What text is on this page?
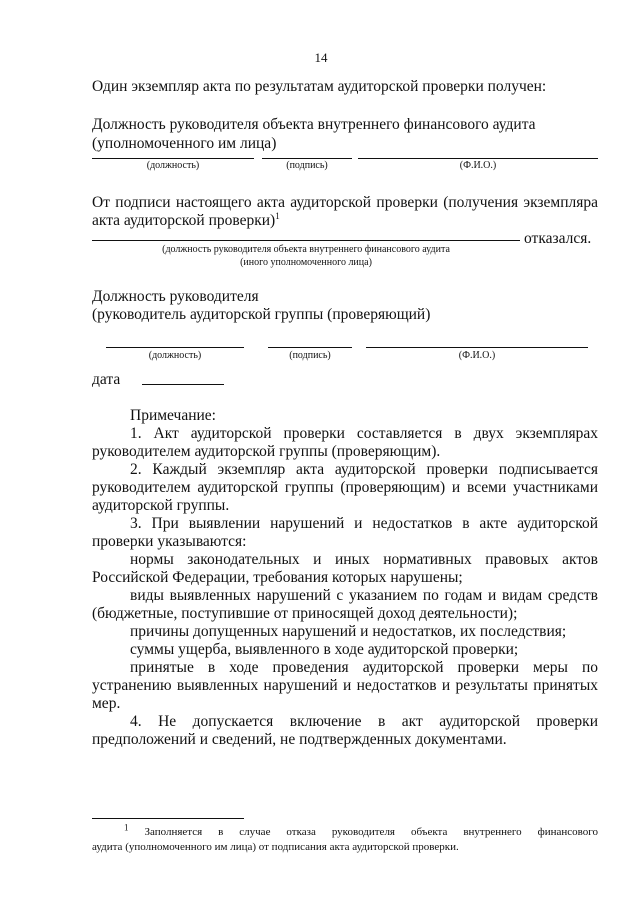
14
Один экземпляр акта по результатам аудиторской проверки получен:
Должность руководителя объекта внутреннего финансового аудита
(уполномоченного им лица)
(должность)	(подпись)	(Ф.И.О.)
От подписи настоящего акта аудиторской проверки (получения экземпляра
акта аудиторской проверки)$^1$
отказался.
(должность руководителя объекта внутреннего финансового аудита
(иного уполномоченного лица)
Должность руководителя
(руководитель аудиторской группы (проверяющий)
(должность)	(подпись)	(Ф.И.О.)
дата
Примечание:
1. Акт аудиторской проверки составляется в двух экземплярах
руководителем аудиторской группы (проверяющим).
2. Каждый экземпляр акта аудиторской проверки подписывается
руководителем аудиторской группы (проверяющим) и всеми участниками
аудиторской группы.
3. При выявлении нарушений и недостатков в акте аудиторской
проверки указываются:
нормы законодательных и иных нормативных правовых актов
Российской Федерации, требования которых нарушены;
виды выявленных нарушений с указанием по годам и видам средств
(бюджетные, поступившие от приносящей доход деятельности);
причины допущенных нарушений и недостатков, их последствия;
суммы ущерба, выявленного в ходе аудиторской проверки;
принятые в ходе проведения аудиторской проверки меры по
устранению выявленных нарушений и недостатков и результаты принятых
мер.
4. Не допускается включение в акт аудиторской проверки
предположений и сведений, не подтвержденных документами.
$^1$ Заполняется в случае отказа руководителя объекта внутреннего финансового
аудита (уполномоченного им лица) от подписания акта аудиторской проверки.
